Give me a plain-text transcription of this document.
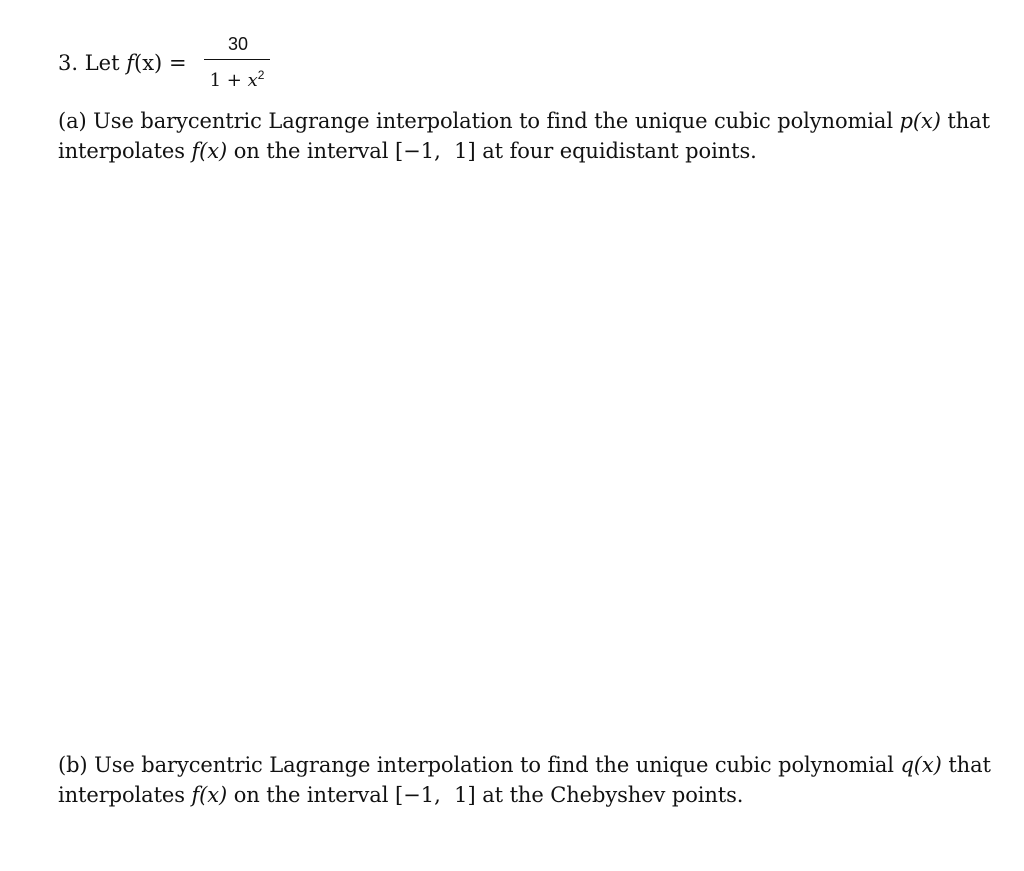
3. Let f(x) =
30
$1 + x^2$
(a) Use barycentric Lagrange interpolation to find the unique cubic polynomial p(x) that
interpolates f(x) on the interval [−1,  1] at four equidistant points.
(b) Use barycentric Lagrange interpolation to find the unique cubic polynomial q(x) that
interpolates f(x) on the interval [−1,  1] at the Chebyshev points.
